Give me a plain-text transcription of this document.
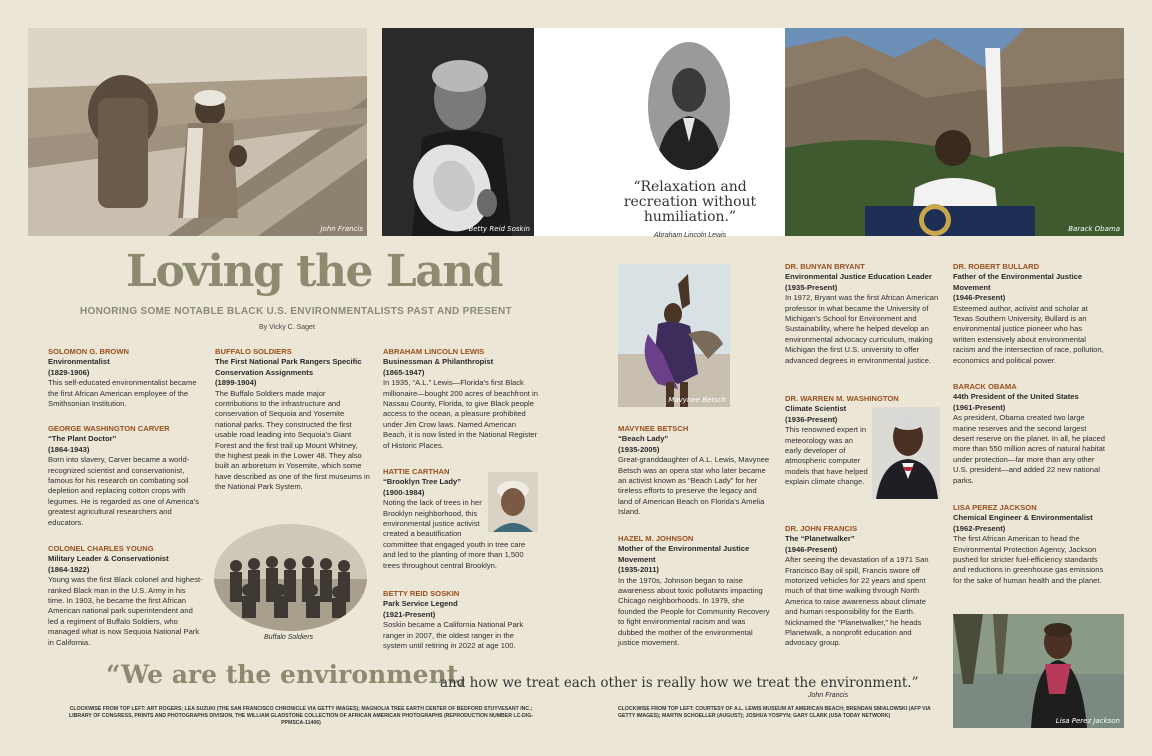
John Francis	Betty Reid Soskin
“Relaxation and recreation without humiliation.”
Abraham Lincoln Lewis
Barack Obama
Loving the Land
HONORING SOME NOTABLE BLACK U.S. ENVIRONMENTALISTS PAST AND PRESENT
By Vicky C. Saget
SOLOMON G. BROWN
Environmentalist
(1829-1906)
This self-educated environmentalist became the first African American employee of the Smithsonian Institution.
GEORGE WASHINGTON CARVER
“The Plant Doctor”
(1864-1943)
Born into slavery, Carver became a world-recognized scientist and conservationist, famous for his research on combating soil depletion and replacing cotton crops with legumes. He is regarded as one of America’s greatest agricultural researchers and educators.
COLONEL CHARLES YOUNG
Military Leader & Conservationist
(1864-1922)
Young was the first Black colonel and highest-ranked Black man in the U.S. Army in his time. In 1903, he became the first African American national park superintendent and led a regiment of Buffalo Soldiers, who managed what is now Sequoia National Park in California.
BUFFALO SOLDIERS
The First National Park Rangers Specific Conservation Assignments
(1899-1904)
The Buffalo Soldiers made major contributions to the infrastructure and conservation of Sequoia and Yosemite national parks. They constructed the first usable road leading into Sequoia’s Giant Forest and the first trail up Mount Whitney, the highest peak in the Lower 48. They also built an arboretum in Yosemite, which some have described as one of the first museums in the National Park System.
Buffalo Soldiers
ABRAHAM LINCOLN LEWIS
Businessman & Philanthropist
(1865-1947)
In 1935, “A.L.” Lewis—Florida’s first Black millionaire—bought 200 acres of beachfront in Nassau County, Florida, to give Black people access to the ocean, a pleasure prohibited under Jim Crow laws. Named American Beach, it is now listed in the National Register of Historic Places.
HATTIE CARTHAN
“Brooklyn Tree Lady”
(1900-1984)
Noting the lack of trees in her Brooklyn neighborhood, this environmental justice activist created a beautification committee that engaged youth in tree care and led to the planting of more than 1,500 trees throughout central Brooklyn.
BETTY REID SOSKIN
Park Service Legend
(1921-Present)
Soskin became a California National Park ranger in 2007, the oldest ranger in the system until retiring in 2022 at age 100.
Mavynee Betsch
MAVYNEE BETSCH
“Beach Lady”
(1935-2005)
Great-granddaughter of A.L. Lewis, Mavynee Betsch was an opera star who later became an activist known as “Beach Lady” for her tireless efforts to preserve the legacy and land of American Beach on Florida’s Amelia Island.
HAZEL M. JOHNSON
Mother of the Environmental Justice Movement
(1935-2011)
In the 1970s, Johnson began to raise awareness about toxic pollutants impacting Chicago neighborhoods. In 1979, she founded the People for Community Recovery to fight environmental racism and was dubbed the mother of the environmental justice movement.
DR. BUNYAN BRYANT
Environmental Justice Education Leader
(1935-Present)
In 1972, Bryant was the first African American professor in what became the University of Michigan’s School for Environment and Sustainability, where he helped develop an environmental advocacy curriculum, making Michigan the first U.S. university to offer advanced degrees in environmental justice.
DR. WARREN M. WASHINGTON
Climate Scientist
(1936-Present)
This renowned expert in meteorology was an early developer of atmospheric computer models that have helped explain climate change.
DR. JOHN FRANCIS
The “Planetwalker”
(1946-Present)
After seeing the devastation of a 1971 San Francisco Bay oil spill, Francis swore off motorized vehicles for 22 years and spent much of that time walking through North America to raise awareness about climate and human responsibility for the Earth. Nicknamed the “Planetwalker,” he heads Planetwalk, a nonprofit education and advocacy group.
DR. ROBERT BULLARD
Father of the Environmental Justice Movement
(1946-Present)
Esteemed author, activist and scholar at Texas Southern University, Bullard is an environmental justice pioneer who has written extensively about environmental racism and the intersection of race, pollution, economics and political power.
BARACK OBAMA
44th President of the United States
(1961-Present)
As president, Obama created two large marine reserves and the second largest desert reserve on the planet. In all, he placed more than 550 million acres of natural habitat under protection—far more than any other U.S. president—and added 22 new national parks.
LISA PEREZ JACKSON
Chemical Engineer & Environmentalist
(1962-Present)
The first African American to head the Environmental Protection Agency, Jackson pushed for stricter fuel-efficiency standards and reductions in greenhouse gas emissions for the sake of human health and the planet.
Lisa Perez Jackson
“We are the environment,
and how we treat each other is really how we treat the environment.”
John Francis
CLOCKWISE FROM TOP LEFT: ART ROGERS; LEA SUZUKI (THE SAN FRANCISCO CHRONICLE VIA GETTY IMAGES); MAGNOLIA TREE EARTH CENTER OF BEDFORD STUYVESANT INC.; LIBRARY OF CONGRESS, PRINTS AND PHOTOGRAPHS DIVISION, THE WILLIAM GLADSTONE COLLECTION OF AFRICAN AMERICAN PHOTOGRAPHS (REPRODUCTION NUMBER LC-DIG-PPMSCA-11406)
CLOCKWISE FROM TOP LEFT: COURTESY OF A.L. LEWIS MUSEUM AT AMERICAN BEACH; BRENDAN SMIALOWSKI (AFP VIA GETTY IMAGES); MARTIN SCHOELLER (AUGUST); JOSHUA YOSPYN; GARY CLARK (USA TODAY NETWORK)
